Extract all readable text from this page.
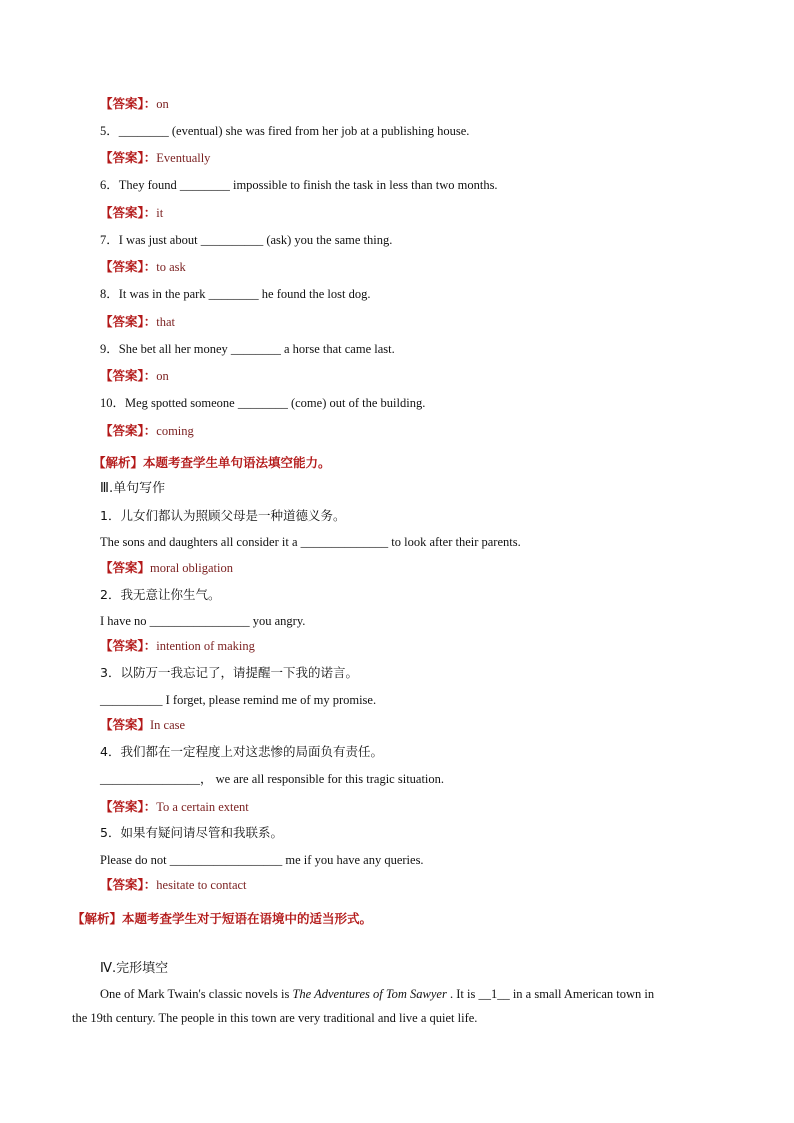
【答案】：on
5．________ (eventual) she was fired from her job at a publishing house.
【答案】：Eventually
6．They found ________ impossible to finish the task in less than two months.
【答案】：it
7．I was just about __________ (ask) you the same thing.
【答案】：to ask
8．It was in the park ________ he found the lost dog.
【答案】：that
9．She bet all her money ________ a horse that came last.
【答案】：on
10．Meg spotted someone ________ (come) out of the building.
【答案】：coming
【解析】本题考查学生单句语法填空能力。
Ⅲ.单句写作
1．儿女们都认为照顾父母是一种道德义务。
The sons and daughters all consider it a ______________ to look after their parents.
【答案】moral obligation
2．我无意让你生气。
I have no ________________ you angry.
【答案】：intention of making
3．以防万一我忘记了，请提醒一下我的诺言。
__________ I forget, please remind me of my promise.
【答案】In case
4．我们都在一定程度上对这悲惨的局面负有责任。
________________， we are all responsible for this tragic situation.
【答案】：To a certain extent
5．如果有疑问请尽管和我联系。
Please do not __________________ me if you have any queries.
【答案】：hesitate to contact
【解析】本题考查学生对于短语在语境中的适当形式。
Ⅳ.完形填空
One of Mark Twain's classic novels is The Adventures of Tom Sawyer . It is __1__ in a small American town in
the 19th century. The people in this town are very traditional and live a quiet life.
